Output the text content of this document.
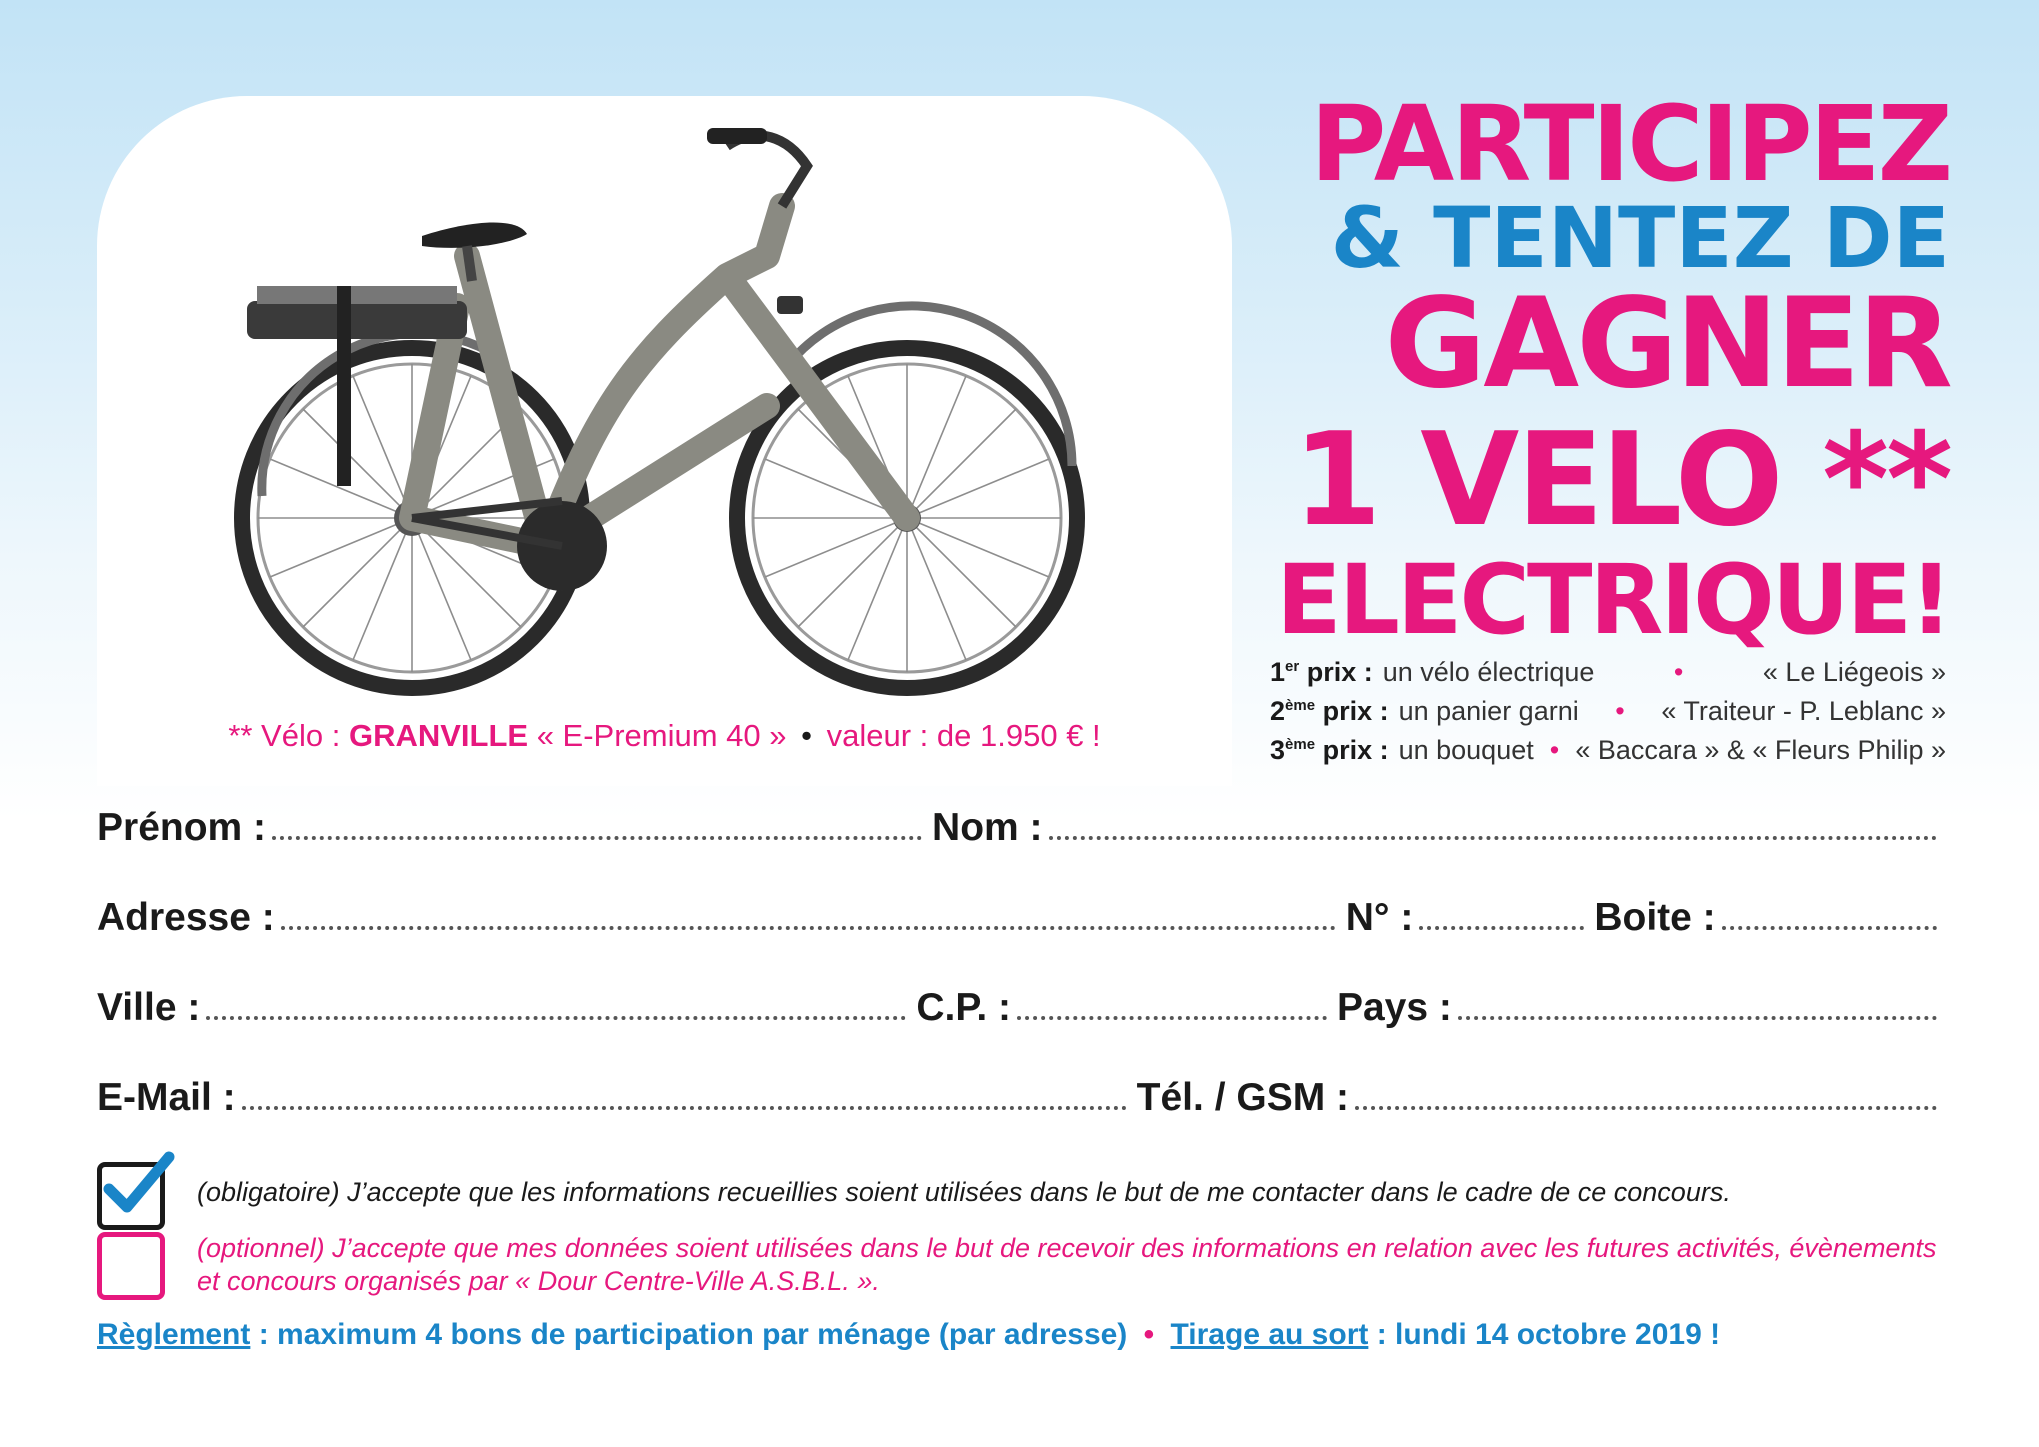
** Vélo : GRANVILLE « E-Premium 40 » • valeur : de 1.950 € !
PARTICIPEZ
& TENTEZ DE
GAGNER
1 VELO **
ELECTRIQUE!
1er prix : un vélo électrique	•	« Le Liégeois »
2ème prix : un panier garni • « Traiteur - P. Leblanc »
3ème prix : un bouquet • « Baccara » & « Fleurs Philip »
Prénom :	Nom :
Adresse :	N° :	Boite :
Ville :	C.P. :	Pays :
E-Mail :	Tél. / GSM :
(obligatoire) J’accepte que les informations recueillies soient utilisées dans le but de me contacter dans le cadre de ce concours.
(optionnel) J’accepte que mes données soient utilisées dans le but de recevoir des informations en relation avec les futures activités, évènements et concours organisés par « Dour Centre-Ville A.S.B.L. ».
Règlement : maximum 4 bons de participation par ménage (par adresse) • Tirage au sort : lundi 14 octobre 2019 !
